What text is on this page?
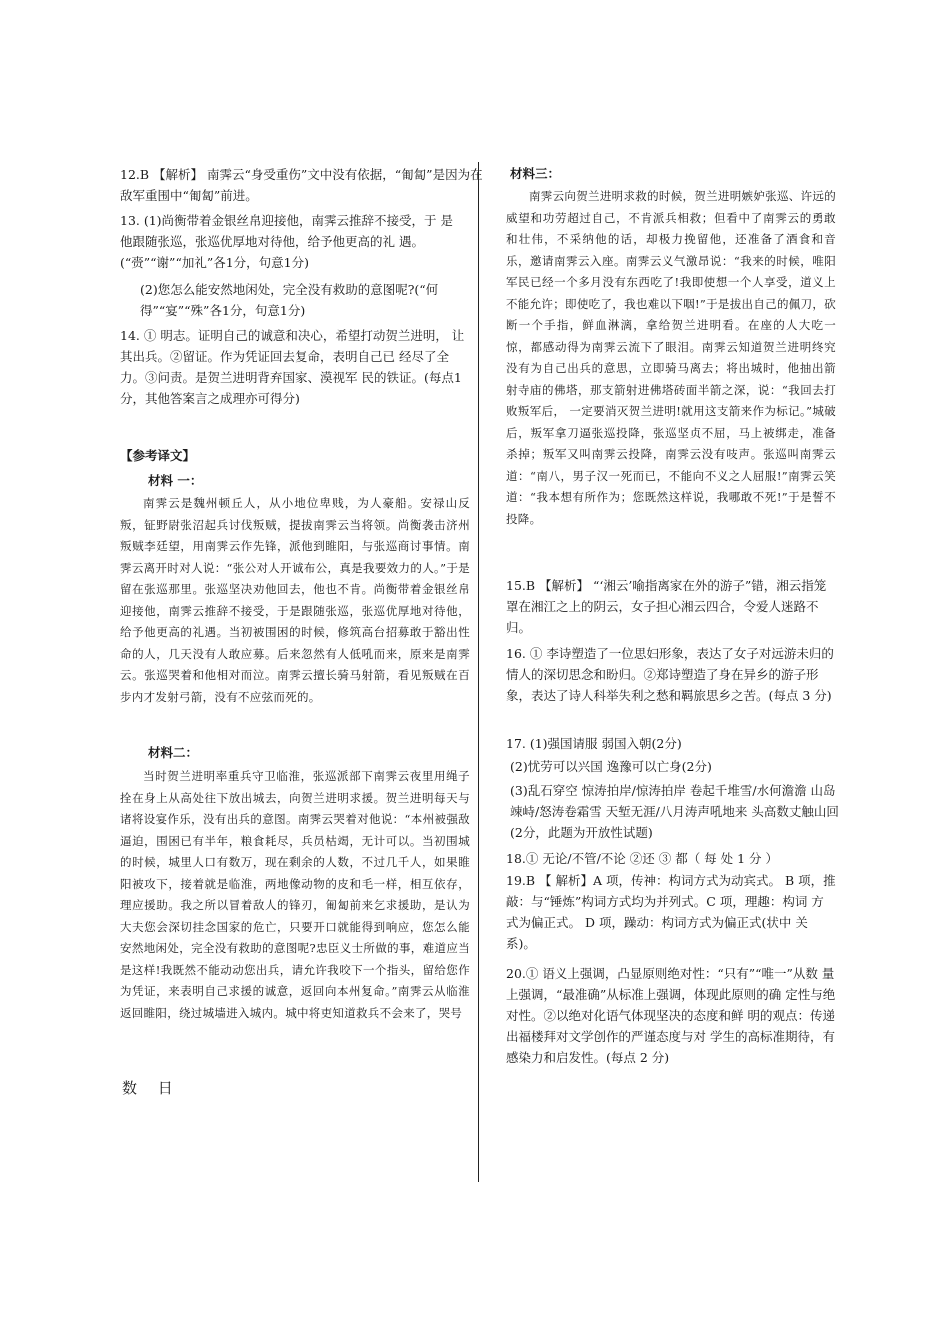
12.B 【解析】 南霁云“身受重伤”文中没有依据，“匍匐”是因为在敌军重围中“匍匐”前进。
13. (1)尚衡带着金银丝帛迎接他，南霁云推辞不接受，于 是他跟随张巡，张巡优厚地对待他，给予他更高的礼 遇。(“赍”“谢”“加礼”各1分，句意1分)
(2)您怎么能安然地闲处，完全没有救助的意图呢?(“何得”“宴”“殊”各1分，句意1分)
14. ① 明志。证明自己的诚意和决心，希望打动贺兰进明， 让其出兵。②留证。作为凭证回去复命，表明自己已 经尽了全力。③问责。是贺兰进明背弃国家、漠视军 民的铁证。(每点1分，其他答案言之成理亦可得分)
【参考译文】
材料 一：
南霁云是魏州顿丘人，从小地位卑贱，为人豪船。安禄山反叛，钲野尉张沼起兵讨伐叛贼，提拔南霁云当将领。尚衡袭击济州叛贼李廷望，用南霁云作先锋，派他到睢阳，与张巡商讨事情。南霁云离开时对人说：“张公对人开诚布公，真是我要效力的人。”于是留在张巡那里。张巡坚决劝他回去，他也不肯。尚衡带着金银丝帛迎接他，南霁云推辞不接受，于是跟随张巡，张巡优厚地对待他，给予他更高的礼遇。当初被围困的时候，修筑高台招募敢于豁出性命的人，几天没有人敢应募。后来忽然有人低吼而来，原来是南霁云。张巡哭着和他相对而泣。南霁云擅长骑马射箭，看见叛贼在百步内才发射弓箭，没有不应弦而死的。
材料二：
当时贺兰进明率重兵守卫临淮，张巡派部下南霁云夜里用绳子拴在身上从高处往下放出城去，向贺兰进明求援。贺兰进明每天与诸将设宴作乐，没有出兵的意图。南霁云哭着对他说：“本州被强敌逼迫，围困已有半年，粮食耗尽，兵员枯竭，无计可以。当初围城的时候，城里人口有数万，现在剩余的人数，不过几千人，如果睢阳被攻下，接着就是临淮，两地像动物的皮和毛一样，相互依存，理应援助。我之所以冒着敌人的锋刃，匍匐前来乞求援助，是认为大夫您会深切挂念国家的危亡，只要开口就能得到响应，您怎么能安然地闲处，完全没有救助的意图呢?忠臣义士所做的事，难道应当是这样!我既然不能动动您出兵，请允许我咬下一个指头，留给您作为凭证，来表明自己求援的诚意，返回向本州复命。”南霁云从临淮返回睢阳，绕过城墙进入城内。城中将吏知道救兵不会来了，哭号
数 日
材料三：
南霁云向贺兰进明求救的时候，贺兰进明嫉妒张巡、许远的威望和功劳超过自己，不肯派兵相救；但看中了南霁云的勇敢和壮伟，不采纳他的话，却极力挽留他，还准备了酒食和音乐，邀请南霁云入座。南霁云义气激昂说：“我来的时候，唯阳军民已经一个多月没有东西吃了!我即使想一个人享受，道义上不能允许；即使吃了，我也难以下咽!”于是拔出自己的佩刀，砍断一个手指，鲜血淋漓，拿给贺兰进明看。在座的人大吃一惊，都感动得为南霁云流下了眼泪。南霁云知道贺兰进明终究没有为自己出兵的意思，立即骑马离去；将出城时，他抽出箭射寺庙的佛塔，那支箭射进佛塔砖面半箭之深，说：“我回去打败叛军后， 一定要消灭贺兰进明!就用这支箭来作为标记。”城破后，叛军拿刀逼张巡投降，张巡坚贞不屈，马上被绑走，准备杀掉；叛军又叫南霁云投降，南霁云没有吱声。张巡叫南霁云道：“南八，男子汉一死而已，不能向不义之人屈服!”南霁云笑道：“我本想有所作为；您既然这样说，我哪敢不死!”于是誓不投降。
15.B 【解析】 “‘湘云’喻指离家在外的游子”错，湘云指笼罩在湘江之上的阴云，女子担心湘云四合，令爱人迷路不归。
16. ① 李诗塑造了一位思妇形象，表达了女子对远游未归的情人的深切思念和盼归。②郑诗塑造了身在异乡的游子形象，表达了诗人科举失利之愁和羁旅思乡之苦。(每点 3 分)
17. (1)强国请服 弱国入朝(2分)
(2)忧劳可以兴国 逸豫可以亡身(2分)
(3)乱石穿空 惊涛拍岸/惊涛拍岸 卷起千堆雪/水何澹澹 山岛竦峙/怒涛卷霜雪 天堑无涯/八月涛声吼地来 头高数丈触山回(2分，此题为开放性试题)
18.① 无论/不管/不论 ②还 ③ 都（ 每 处 1 分 ）
19.B 【 解析】A 项，传神：构词方式为动宾式。 B 项，推 敲：与“锤炼”构词方式均为并列式。C 项，理趣：构词 方式为偏正式。 D 项，躁动：构词方式为偏正式(状中 关系)。
20.① 语义上强调，凸显原则绝对性：“只有”“唯一”从数 量上强调，“最准确”从标准上强调，体现此原则的确 定性与绝对性。②以绝对化语气体现坚决的态度和鲜 明的观点：传递出福楼拜对文学创作的严谨态度与对 学生的高标准期待，有感染力和启发性。(每点 2 分)
